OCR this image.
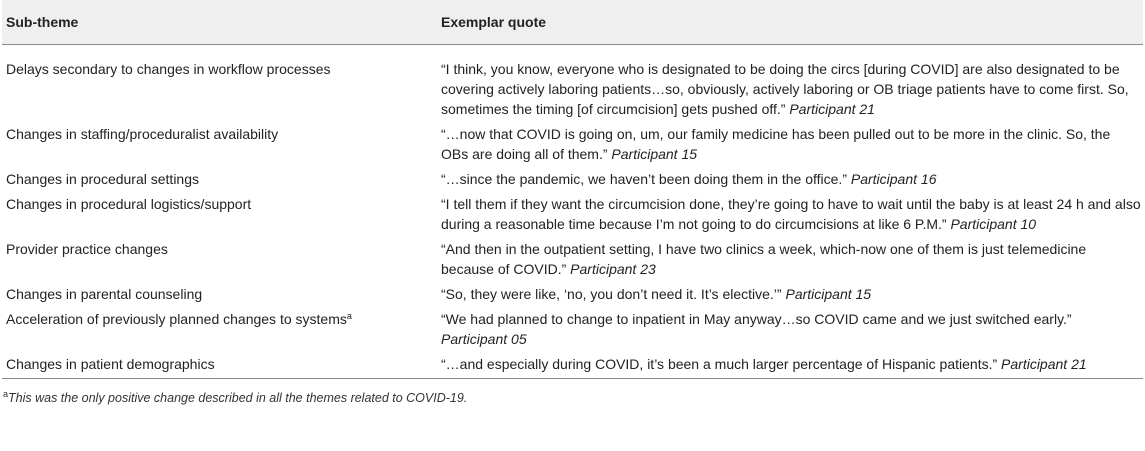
Sub-theme	Exemplar quote
Delays secondary to changes in workflow processes	“I think, you know, everyone who is designated to be doing the circs [during COVID] are also designated to be covering actively laboring patients…so, obviously, actively laboring or OB triage patients have to come first. So, sometimes the timing [of circumcision] gets pushed off.” Participant 21
Changes in staffing/proceduralist availability	“…now that COVID is going on, um, our family medicine has been pulled out to be more in the clinic. So, the OBs are doing all of them.” Participant 15
Changes in procedural settings	“…since the pandemic, we haven’t been doing them in the office.” Participant 16
Changes in procedural logistics/support	“I tell them if they want the circumcision done, they’re going to have to wait until the baby is at least 24 h and also during a reasonable time because I’m not going to do circumcisions at like 6 P.M.” Participant 10
Provider practice changes	“And then in the outpatient setting, I have two clinics a week, which-now one of them is just telemedicine because of COVID.” Participant 23
Changes in parental counseling	“So, they were like, ‘no, you don’t need it. It’s elective.’” Participant 15
Acceleration of previously planned changes to systems$^a$	“We had planned to change to inpatient in May anyway…so COVID came and we just switched early.” Participant 05
Changes in patient demographics	“…and especially during COVID, it’s been a much larger percentage of Hispanic patients.” Participant 21
$^a$This was the only positive change described in all the themes related to COVID-19.
